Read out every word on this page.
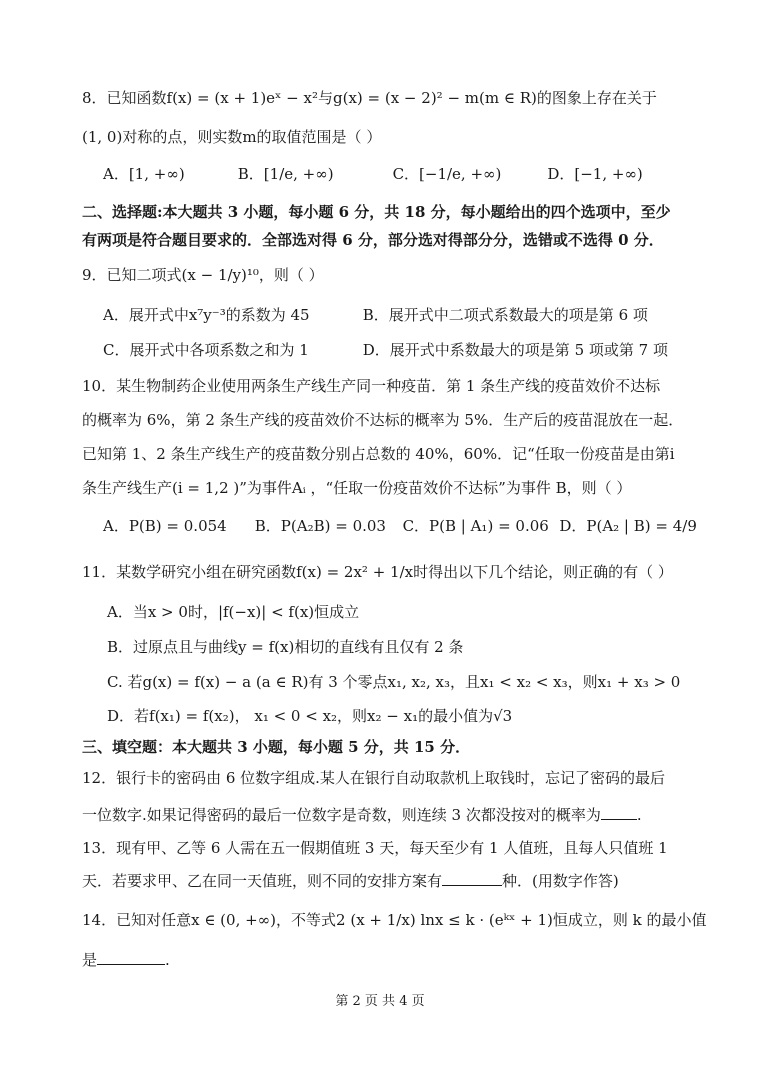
8．已知函数f(x) = (x + 1)eˣ − x²与g(x) = (x − 2)² − m(m ∈ R)的图象上存在关于
(1, 0)对称的点，则实数m的取值范围是（ ）
A．[1, +∞)	B．[1/e, +∞)	C．[−1/e, +∞)	D．[−1, +∞)
二、选择题:本大题共 3 小题，每小题 6 分，共 18 分，每小题给出的四个选项中，至少
有两项是符合题目要求的．全部选对得 6 分，部分选对得部分分，选错或不选得 0 分．
9．已知二项式(x − 1/y)¹⁰，则（ ）
A．展开式中x⁷y⁻³的系数为 45	B．展开式中二项式系数最大的项是第 6 项
C．展开式中各项系数之和为 1	D．展开式中系数最大的项是第 5 项或第 7 项
10．某生物制药企业使用两条生产线生产同一种疫苗．第 1 条生产线的疫苗效价不达标
的概率为 6%，第 2 条生产线的疫苗效价不达标的概率为 5%．生产后的疫苗混放在一起．
已知第 1、2 条生产线生产的疫苗数分别占总数的 40%，60%．记“任取一份疫苗是由第i
条生产线生产(i = 1,2 )”为事件Aᵢ ，“任取一份疫苗效价不达标”为事件 B，则（ ）
A．P(B) = 0.054 B．P(A₂B) = 0.03 C．P(B | A₁) = 0.06 D．P(A₂ | B) = 4/9
11．某数学研究小组在研究函数f(x) = 2x² + 1/x时得出以下几个结论，则正确的有（ ）
A．当x > 0时，|f(−x)| < f(x)恒成立
B．过原点且与曲线y = f(x)相切的直线有且仅有 2 条
C. 若g(x) = f(x) − a (a ∈ R)有 3 个零点x₁, x₂, x₃，且x₁ < x₂ < x₃，则x₁ + x₃ > 0
D．若f(x₁) = f(x₂)， x₁ < 0 < x₂，则x₂ − x₁的最小值为√3
三、填空题：本大题共 3 小题，每小题 5 分，共 15 分．
12．银行卡的密码由 6 位数字组成.某人在银行自动取款机上取钱时，忘记了密码的最后
一位数字.如果记得密码的最后一位数字是奇数，则连续 3 次都没按对的概率为 .
13．现有甲、乙等 6 人需在五一假期值班 3 天，每天至少有 1 人值班，且每人只值班 1
天．若要求甲、乙在同一天值班，则不同的安排方案有	种．(用数字作答)
14．已知对任意x ∈ (0, +∞)，不等式2 (x + 1/x) lnx ≤ k · (eᵏˣ + 1)恒成立，则 k 的最小值
是	.
第 2 页 共 4 页
